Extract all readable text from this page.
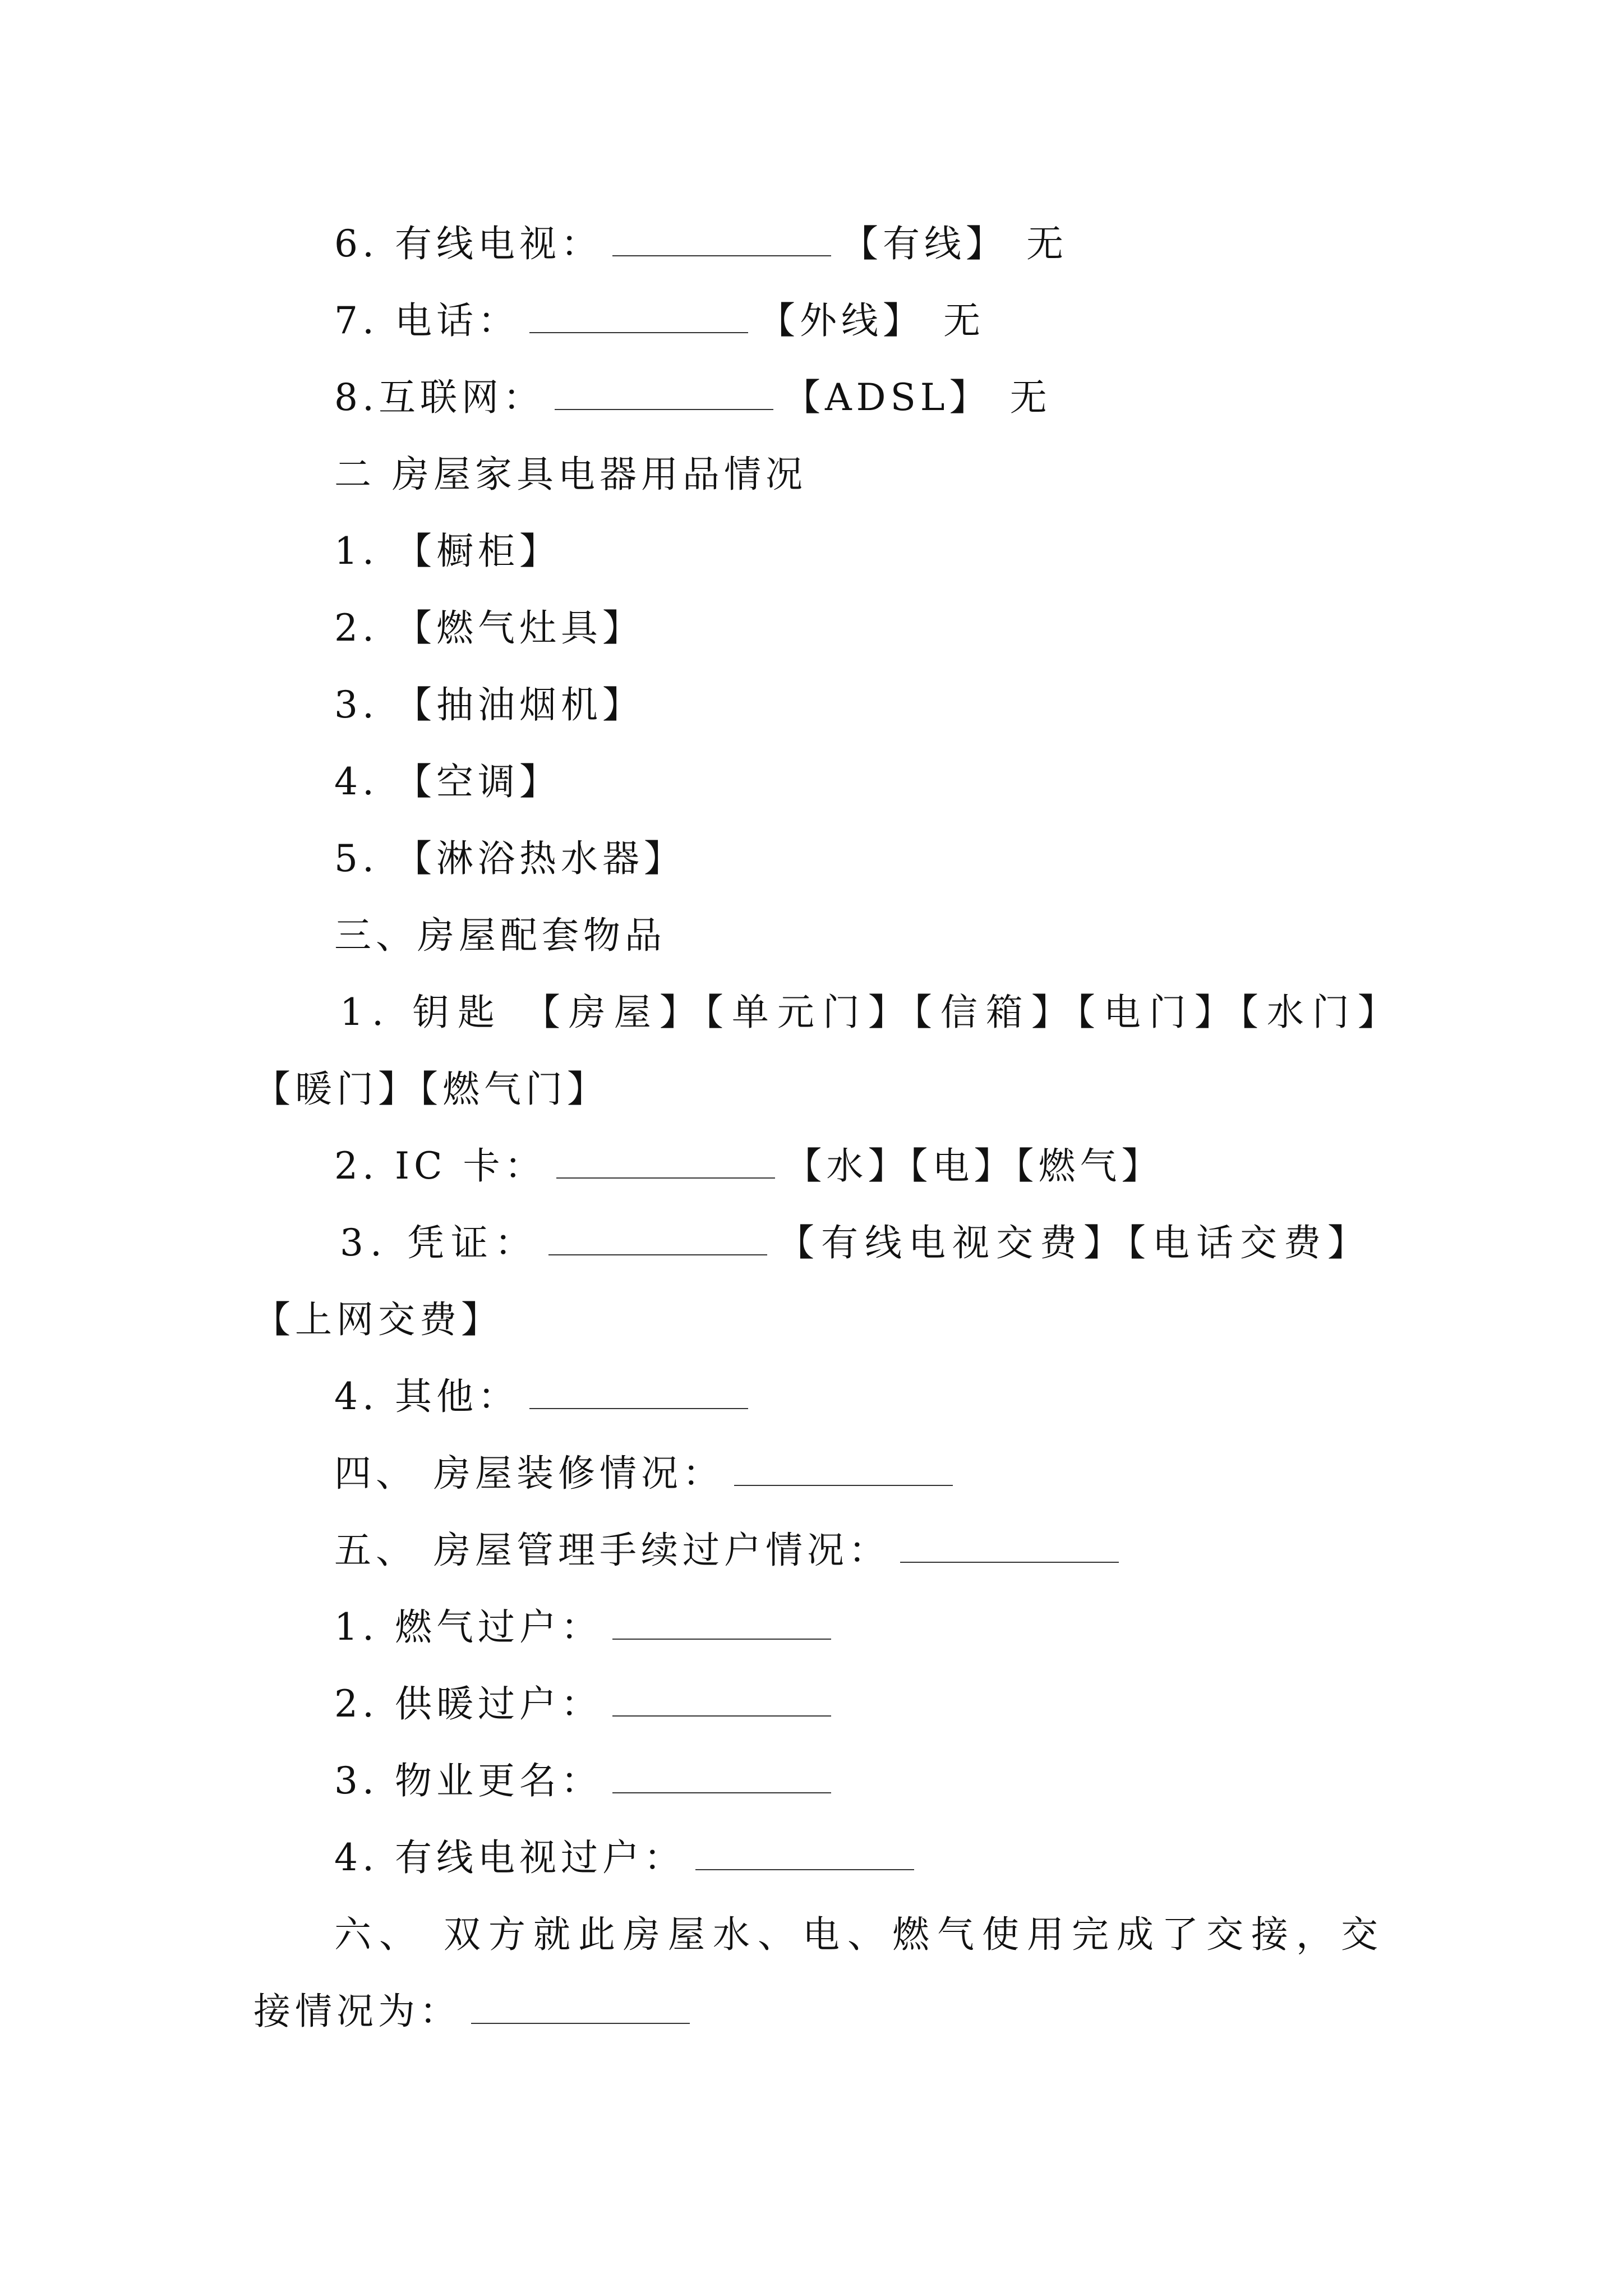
6. 有线电视：	【有线】 无
7. 电话：	【外线】 无
8.互联网：	【ADSL】 无
二 房屋家具电器用品情况
1. 【橱柜】
2. 【燃气灶具】
3. 【抽油烟机】
4. 【空调】
5. 【淋浴热水器】
三、房屋配套物品
1. 钥匙 【房屋】【单元门】【信箱】【电门】【水门】
【暖门】【燃气门】
2. IC 卡：	【水】【电】【燃气】
3. 凭证：	【有线电视交费】【电话交费】
【上网交费】
4. 其他：
四、 房屋装修情况：
五、 房屋管理手续过户情况：
1. 燃气过户：
2. 供暖过户：
3. 物业更名：
4. 有线电视过户：
六、 双方就此房屋水、电、燃气使用完成了交接，交
接情况为：
